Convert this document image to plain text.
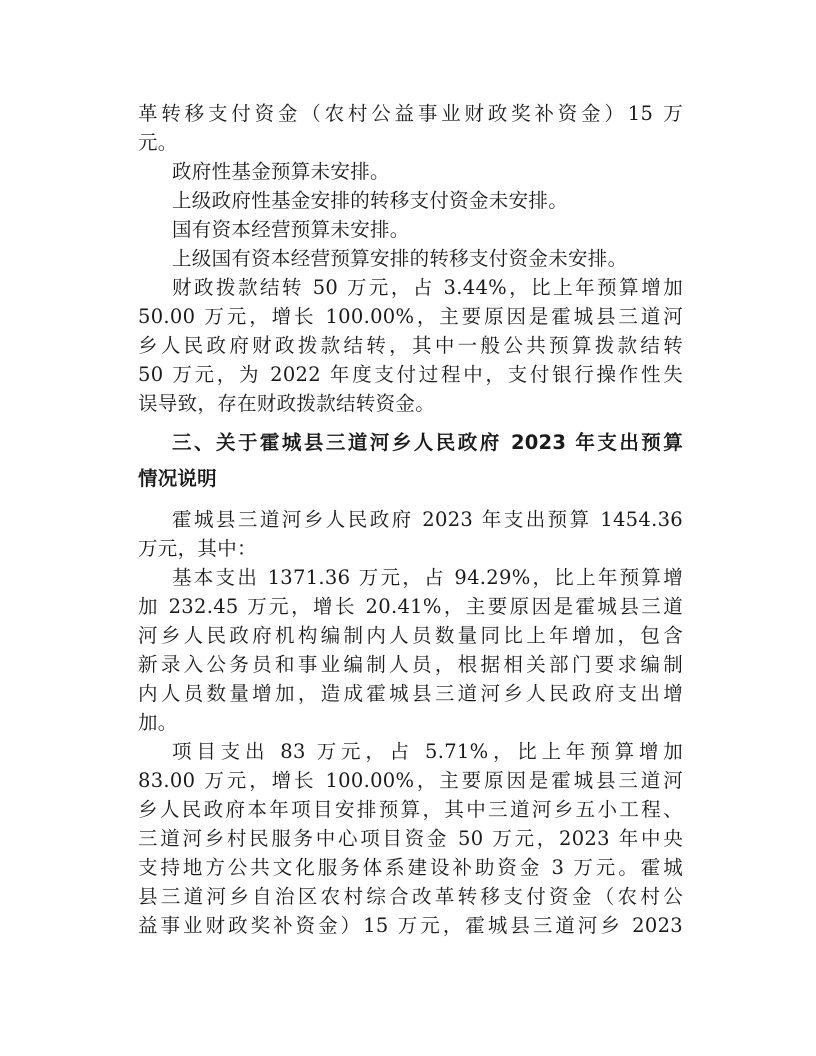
革转移支付资金（农村公益事业财政奖补资金）15 万
元。
政府性基金预算未安排。
上级政府性基金安排的转移支付资金未安排。
国有资本经营预算未安排。
上级国有资本经营预算安排的转移支付资金未安排。
财政拨款结转 50 万元，占 3.44%，比上年预算增加
50.00 万元，增长 100.00%，主要原因是霍城县三道河
乡人民政府财政拨款结转，其中一般公共预算拨款结转
50 万元，为 2022 年度支付过程中，支付银行操作性失
误导致，存在财政拨款结转资金。
三、关于霍城县三道河乡人民政府 2023 年支出预算
情况说明
霍城县三道河乡人民政府 2023 年支出预算 1454.36
万元，其中：
基本支出 1371.36 万元，占 94.29%，比上年预算增
加 232.45 万元，增长 20.41%，主要原因是霍城县三道
河乡人民政府机构编制内人员数量同比上年增加，包含
新录入公务员和事业编制人员，根据相关部门要求编制
内人员数量增加，造成霍城县三道河乡人民政府支出增
加。
项目支出 83 万元，占 5.71%，比上年预算增加
83.00 万元，增长 100.00%，主要原因是霍城县三道河
乡人民政府本年项目安排预算，其中三道河乡五小工程、
三道河乡村民服务中心项目资金 50 万元，2023 年中央
支持地方公共文化服务体系建设补助资金 3 万元。霍城
县三道河乡自治区农村综合改革转移支付资金（农村公
益事业财政奖补资金）15 万元，霍城县三道河乡 2023
